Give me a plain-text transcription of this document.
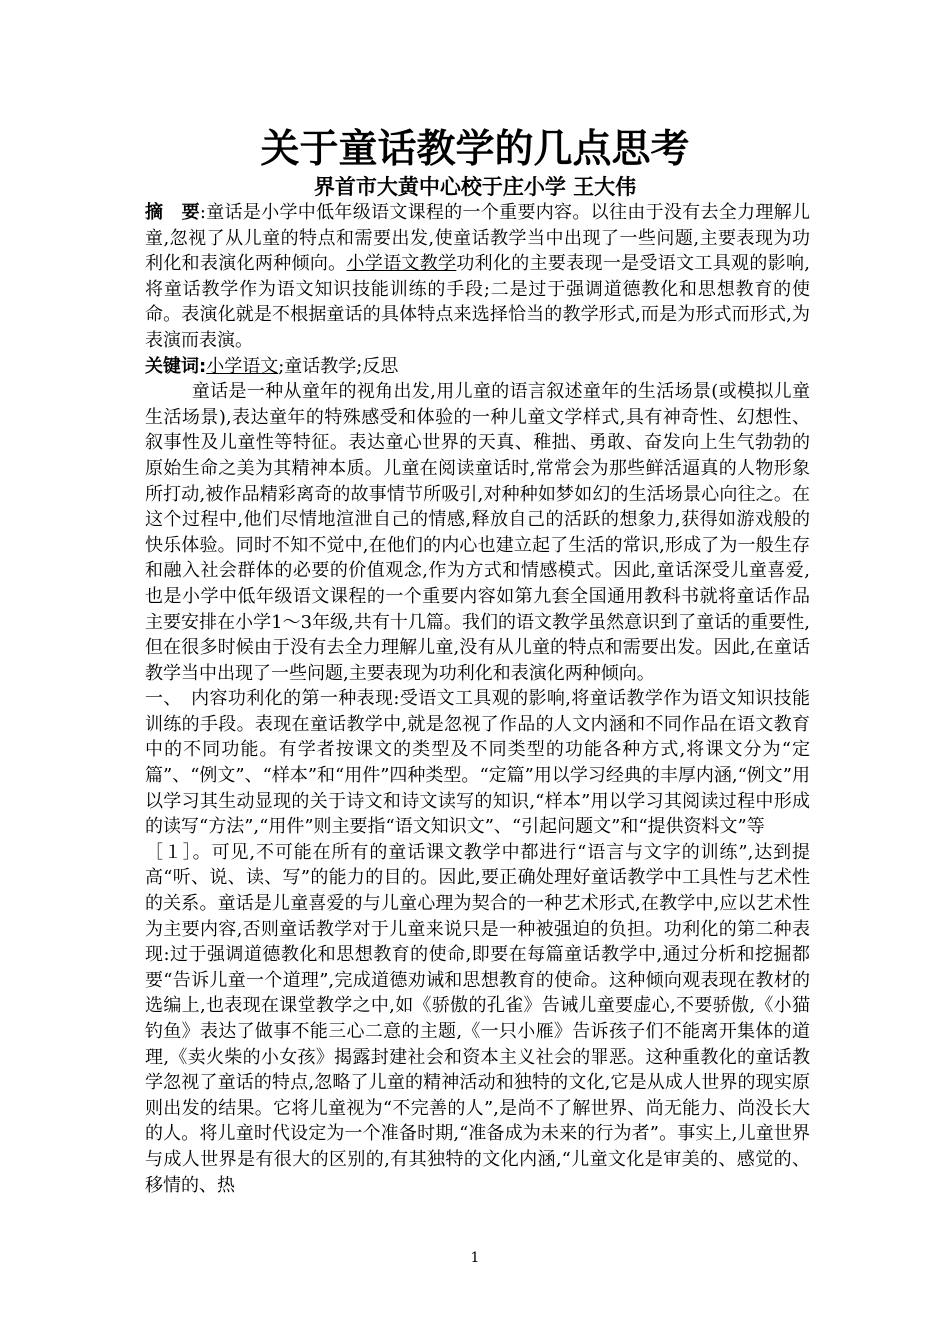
关于童话教学的几点思考
界首市大黄中心校于庄小学 王大伟

摘　要:童话是小学中低年级语文课程的一个重要内容。以往由于没有去全力理解儿童,忽视了从儿童的特点和需要出发,使童话教学当中出现了一些问题,主要表现为功利化和表演化两种倾向。小学语文教学功利化的主要表现一是受语文工具观的影响,将童话教学作为语文知识技能训练的手段;二是过于强调道德教化和思想教育的使命。表演化就是不根据童话的具体特点来选择恰当的教学形式,而是为形式而形式,为表演而表演。

关键词:小学语文;童话教学;反思

童话是一种从童年的视角出发,用儿童的语言叙述童年的生活场景(或模拟儿童生活场景),表达童年的特殊感受和体验的一种儿童文学样式,具有神奇性、幻想性、叙事性及儿童性等特征。表达童心世界的天真、稚拙、勇敢、奋发向上生气勃勃的原始生命之美为其精神本质。儿童在阅读童话时,常常会为那些鲜活逼真的人物形象所打动,被作品精彩离奇的故事情节所吸引,对种种如梦如幻的生活场景心向往之。在这个过程中,他们尽情地渲泄自己的情感,释放自己的活跃的想象力,获得如游戏般的快乐体验。同时不知不觉中,在他们的内心也建立起了生活的常识,形成了为一般生存和融入社会群体的必要的价值观念,作为方式和情感模式。因此,童话深受儿童喜爱,也是小学中低年级语文课程的一个重要内容如第九套全国通用教科书就将童话作品主要安排在小学1～3年级,共有十几篇。我们的语文教学虽然意识到了童话的重要性,但在很多时候由于没有去全力理解儿童,没有从儿童的特点和需要出发。因此,在童话教学当中出现了一些问题,主要表现为功利化和表演化两种倾向。

一、　内容功利化的第一种表现:受语文工具观的影响,将童话教学作为语文知识技能训练的手段。表现在童话教学中,就是忽视了作品的人文内涵和不同作品在语文教育中的不同功能。有学者按课文的类型及不同类型的功能各种方式,将课文分为“定篇”、“例文”、“样本”和“用件”四种类型。“定篇”用以学习经典的丰厚内涵,“例文”用以学习其生动显现的关于诗文和诗文读写的知识,“样本”用以学习其阅读过程中形成的读写“方法”,“用件”则主要指“语文知识文”、“引起问题文”和“提供资料文”等

［１］。可见,不可能在所有的童话课文教学中都进行“语言与文字的训练”,达到提高“听、说、读、写”的能力的目的。因此,要正确处理好童话教学中工具性与艺术性的关系。童话是儿童喜爱的与儿童心理为契合的一种艺术形式,在教学中,应以艺术性为主要内容,否则童话教学对于儿童来说只是一种被强迫的负担。功利化的第二种表现:过于强调道德教化和思想教育的使命,即要在每篇童话教学中,通过分析和挖掘都要“告诉儿童一个道理”,完成道德劝诫和思想教育的使命。这种倾向观表现在教材的选编上,也表现在课堂教学之中,如《骄傲的孔雀》告诫儿童要虚心,不要骄傲,《小猫钓鱼》表达了做事不能三心二意的主题,《一只小雁》告诉孩子们不能离开集体的道理,《卖火柴的小女孩》揭露封建社会和资本主义社会的罪恶。这种重教化的童话教学忽视了童话的特点,忽略了儿童的精神活动和独特的文化,它是从成人世界的现实原则出发的结果。它将儿童视为“不完善的人”,是尚不了解世界、尚无能力、尚没长大的人。将儿童时代设定为一个准备时期,“准备成为未来的行为者”。事实上,儿童世界与成人世界是有很大的区别的,有其独特的文化内涵,“儿童文化是审美的、感觉的、移情的、热

1
